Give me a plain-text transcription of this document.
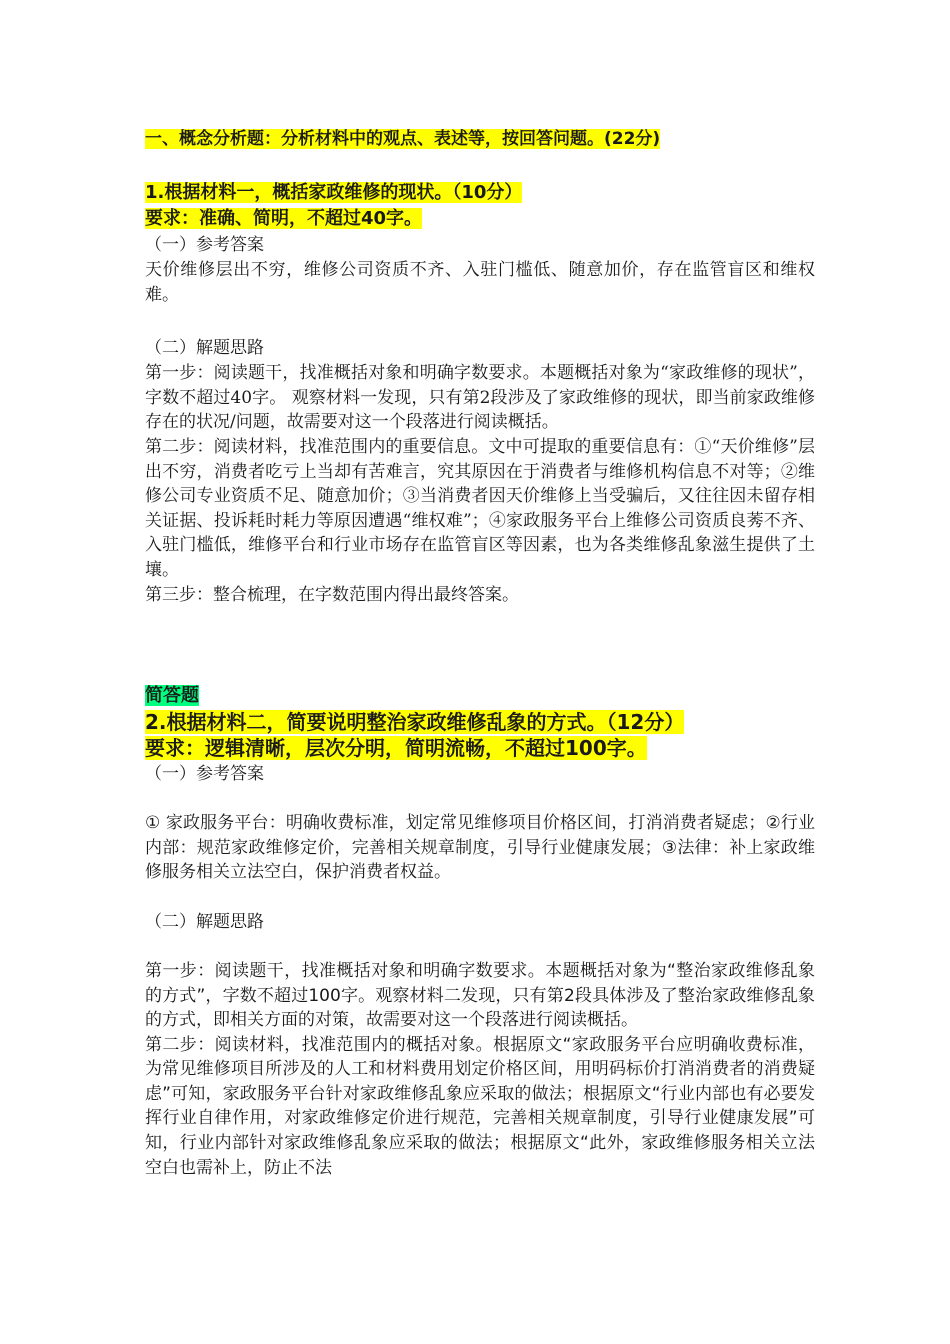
一、概念分析题：分析材料中的观点、表述等，按回答问题。(22分)
1.根据材料一，概括家政维修的现状。（10分）
要求：准确、简明，不超过40字。
（一）参考答案

天价维修层出不穷，维修公司资质不齐、入驻门槛低、随意加价，存在监管盲区和维权难。

（二）解题思路

第一步：阅读题干，找准概括对象和明确字数要求。本题概括对象为“家政维修的现状”，字数不超过40字。 观察材料一发现，只有第2段涉及了家政维修的现状，即当前家政维修存在的状况/问题，故需要对这一个段落进行阅读概括。

第二步：阅读材料，找准范围内的重要信息。文中可提取的重要信息有：①“天价维修”层出不穷，消费者吃亏上当却有苦难言，究其原因在于消费者与维修机构信息不对等；②维修公司专业资质不足、随意加价；③当消费者因天价维修上当受骗后，又往往因未留存相关证据、投诉耗时耗力等原因遭遇“维权难”；④家政服务平台上维修公司资质良莠不齐、入驻门槛低，维修平台和行业市场存在监管盲区等因素，也为各类维修乱象滋生提供了土壤。

第三步：整合梳理，在字数范围内得出最终答案。

简答题
2.根据材料二，简要说明整治家政维修乱象的方式。（12分）
要求：逻辑清晰，层次分明，简明流畅，不超过100字。
（一）参考答案

① 家政服务平台：明确收费标准，划定常见维修项目价格区间，打消消费者疑虑；②行业内部：规范家政维修定价，完善相关规章制度，引导行业健康发展；③法律：补上家政维修服务相关立法空白，保护消费者权益。

（二）解题思路

第一步：阅读题干，找准概括对象和明确字数要求。本题概括对象为“整治家政维修乱象的方式”，字数不超过100字。观察材料二发现，只有第2段具体涉及了整治家政维修乱象的方式，即相关方面的对策，故需要对这一个段落进行阅读概括。

第二步：阅读材料，找准范围内的概括对象。根据原文“家政服务平台应明确收费标准，为常见维修项目所涉及的人工和材料费用划定价格区间，用明码标价打消消费者的消费疑虑”可知，家政服务平台针对家政维修乱象应采取的做法；根据原文“行业内部也有必要发挥行业自律作用，对家政维修定价进行规范，完善相关规章制度，引导行业健康发展”可知，行业内部针对家政维修乱象应采取的做法；根据原文“此外，家政维修服务相关立法空白也需补上，防止不法
